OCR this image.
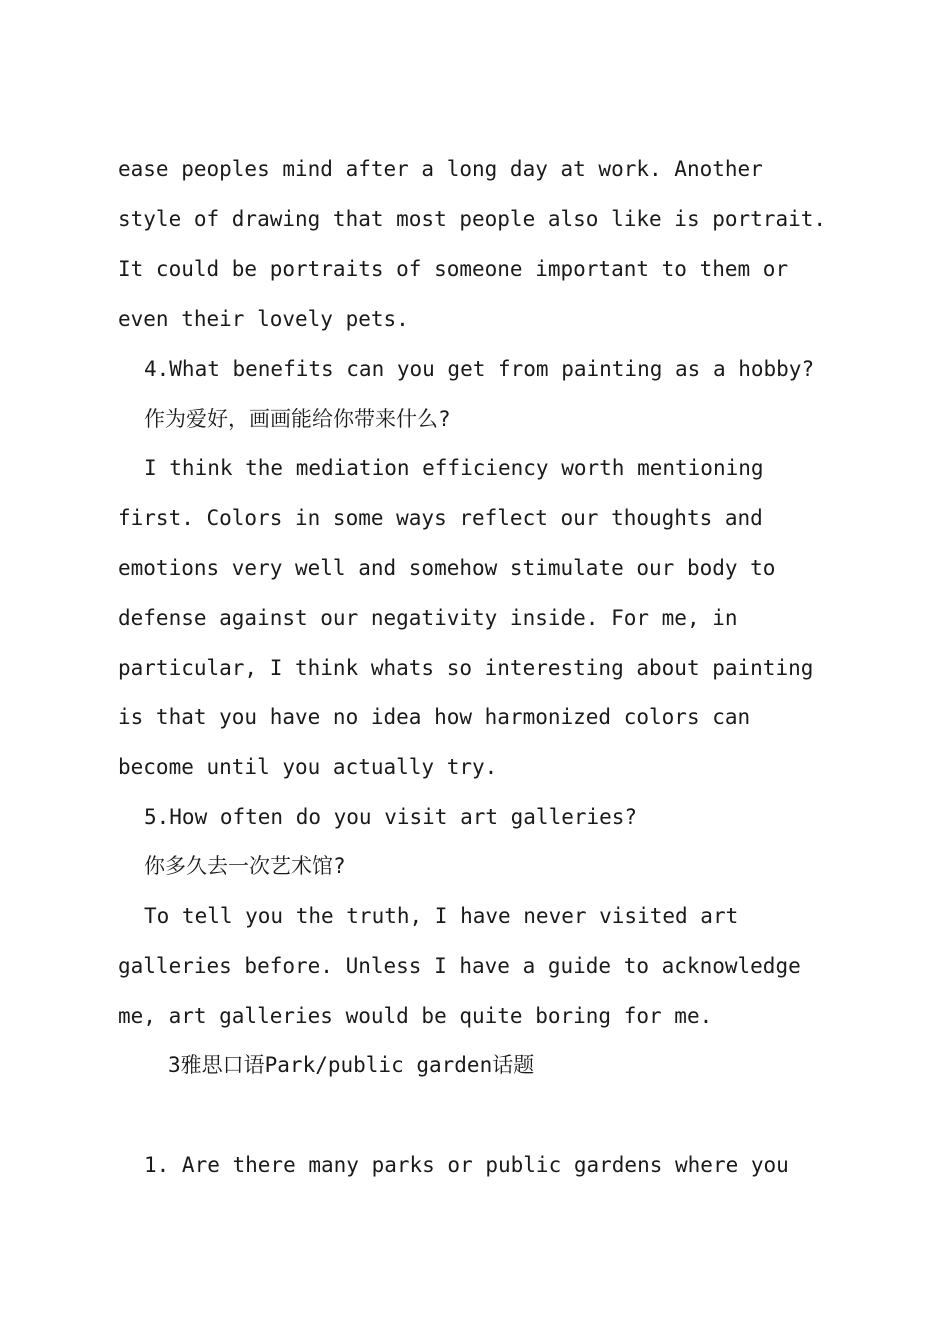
ease peoples mind after a long day at work. Another

style of drawing that most people also like is portrait.

It could be portraits of someone important to them or

even their lovely pets.

4.What benefits can you get from painting as a hobby?

作为爱好，画画能给你带来什么?

I think the mediation efficiency worth mentioning

first. Colors in some ways reflect our thoughts and

emotions very well and somehow stimulate our body to

defense against our negativity inside. For me, in

particular, I think whats so interesting about painting

is that you have no idea how harmonized colors can

become until you actually try.

5.How often do you visit art galleries?

你多久去一次艺术馆?

To tell you the truth, I have never visited art

galleries before. Unless I have a guide to acknowledge

me, art galleries would be quite boring for me.

3雅思口语Park/public garden话题

1. Are there many parks or public gardens where you
